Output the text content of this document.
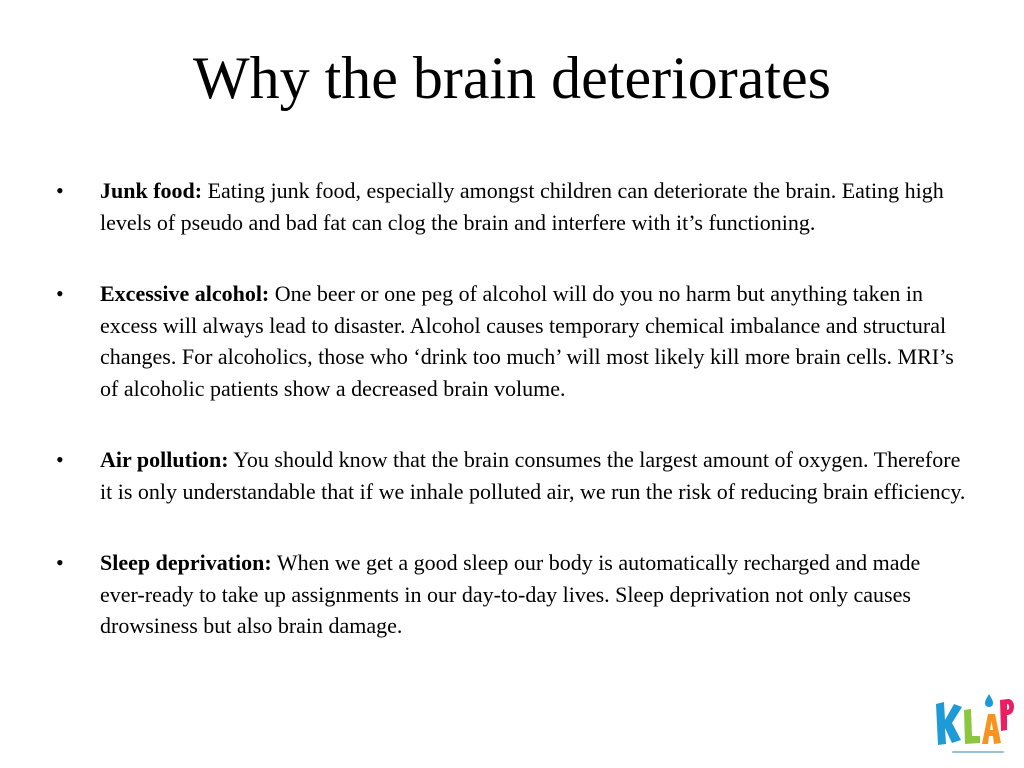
Why the brain deteriorates
• Junk food: Eating junk food, especially amongst children can deteriorate the brain. Eating high levels of pseudo and bad fat can clog the brain and interfere with it’s functioning.
• Excessive alcohol: One beer or one peg of alcohol will do you no harm but anything taken in excess will always lead to disaster. Alcohol causes temporary chemical imbalance and structural changes. For alcoholics, those who ‘drink too much’ will most likely kill more brain cells. MRI’s of alcoholic patients show a decreased brain volume.
• Air pollution: You should know that the brain consumes the largest amount of oxygen. Therefore it is only understandable that if we inhale polluted air, we run the risk of reducing brain efficiency.
• Sleep deprivation: When we get a good sleep our body is automatically recharged and made ever-ready to take up assignments in our day-to-day lives. Sleep deprivation not only causes drowsiness but also brain damage.
